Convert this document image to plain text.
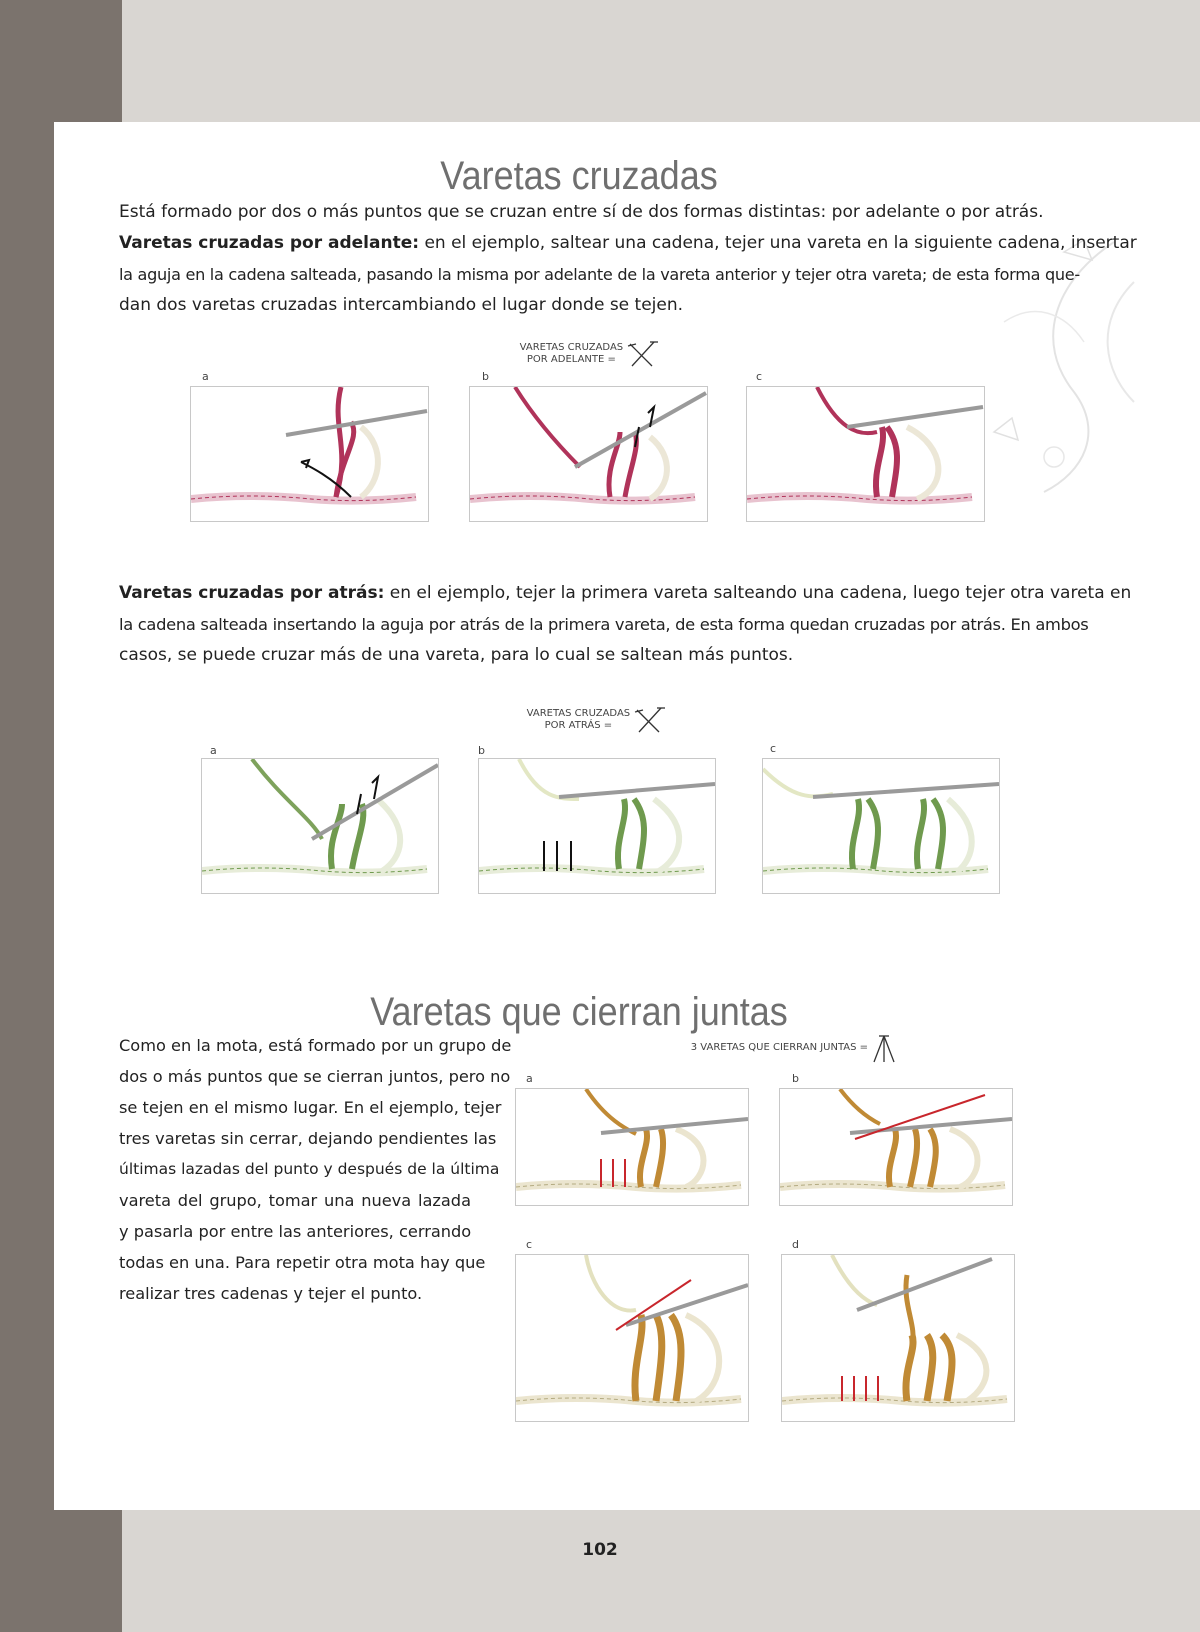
Varetas cruzadas
Está formado por dos o más puntos que se cruzan entre sí de dos formas distintas: por adelante o por atrás.
Varetas cruzadas por adelante: en el ejemplo, saltear una cadena, tejer una vareta en la siguiente cadena, insertar
la aguja en la cadena salteada, pasando la misma por adelante de la vareta anterior y tejer otra vareta; de esta forma que-
dan dos varetas cruzadas intercambiando el lugar donde se tejen.
VARETAS CRUZADAS
POR ADELANTE =
a	b	c
Varetas cruzadas por atrás: en el ejemplo, tejer la primera vareta salteando una cadena, luego tejer otra vareta en
la cadena salteada insertando la aguja por atrás de la primera vareta, de esta forma quedan cruzadas por atrás. En ambos
casos, se puede cruzar más de una vareta, para lo cual se saltean más puntos.
VARETAS CRUZADAS
POR ATRÁS =
a	b	c
Varetas que cierran juntas
Como en la mota, está formado por un grupo de
dos o más puntos que se cierran juntos, pero no
se tejen en el mismo lugar. En el ejemplo, tejer
tres varetas sin cerrar, dejando pendientes las
últimas lazadas del punto y después de la última
vareta del grupo, tomar una nueva lazada
y pasarla por entre las anteriores, cerrando
todas en una. Para repetir otra mota hay que
realizar tres cadenas y tejer el punto.
3 VARETAS QUE CIERRAN JUNTAS =
a	b
c	d
102
